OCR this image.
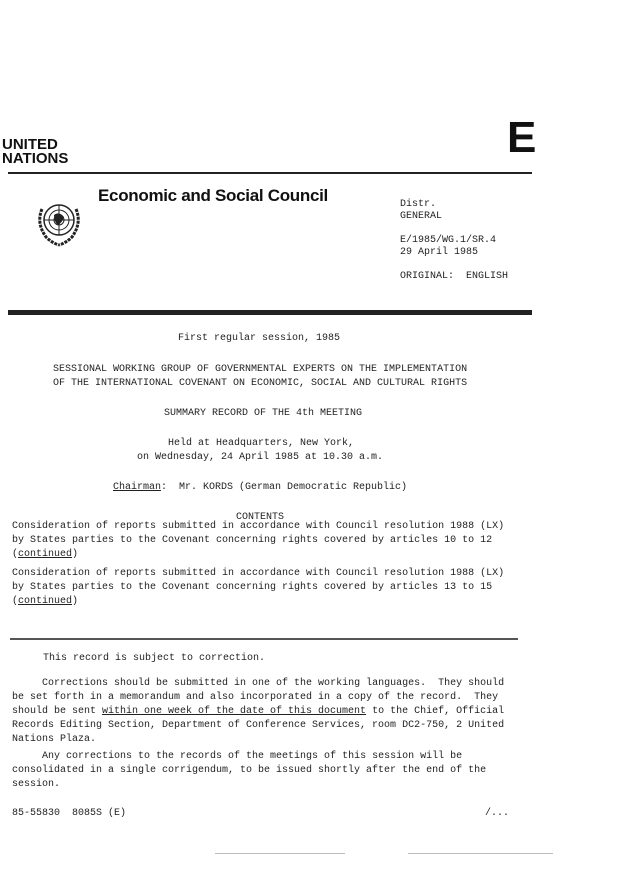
UNITED
NATIONS	E

Economic and Social Council	Distr.
GENERAL
E/1985/WG.1/SR.4
29 April 1985
ORIGINAL:  ENGLISH
First regular session, 1985
SESSIONAL WORKING GROUP OF GOVERNMENTAL EXPERTS ON THE IMPLEMENTATION
OF THE INTERNATIONAL COVENANT ON ECONOMIC, SOCIAL AND CULTURAL RIGHTS
SUMMARY RECORD OF THE 4th MEETING
Held at Headquarters, New York,
on Wednesday, 24 April 1985 at 10.30 a.m.
Chairman:  Mr. KORDS (German Democratic Republic)
CONTENTS
Consideration of reports submitted in accordance with Council resolution 1988 (LX)
by States parties to the Covenant concerning rights covered by articles 10 to 12
(continued)
Consideration of reports submitted in accordance with Council resolution 1988 (LX)
by States parties to the Covenant concerning rights covered by articles 13 to 15
(continued)
This record is subject to correction.
Corrections should be submitted in one of the working languages.  They should
be set forth in a memorandum and also incorporated in a copy of the record.  They
should be sent within one week of the date of this document to the Chief, Official
Records Editing Section, Department of Conference Services, room DC2-750, 2 United
Nations Plaza.
Any corrections to the records of the meetings of this session will be
consolidated in a single corrigendum, to be issued shortly after the end of the
session.
85-55830  8085S (E)	/...
